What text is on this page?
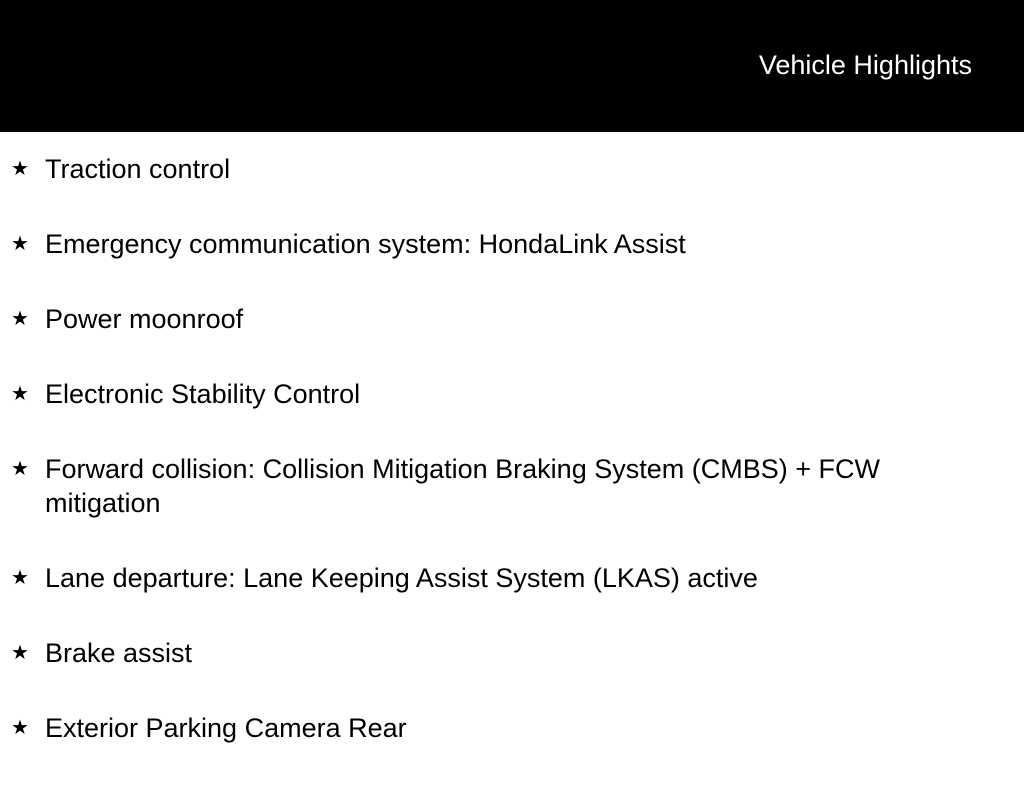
Vehicle Highlights
★ Traction control
★ Emergency communication system: HondaLink Assist
★ Power moonroof
★ Electronic Stability Control
★ Forward collision: Collision Mitigation Braking System (CMBS) + FCW mitigation
★ Lane departure: Lane Keeping Assist System (LKAS) active
★ Brake assist
★ Exterior Parking Camera Rear
